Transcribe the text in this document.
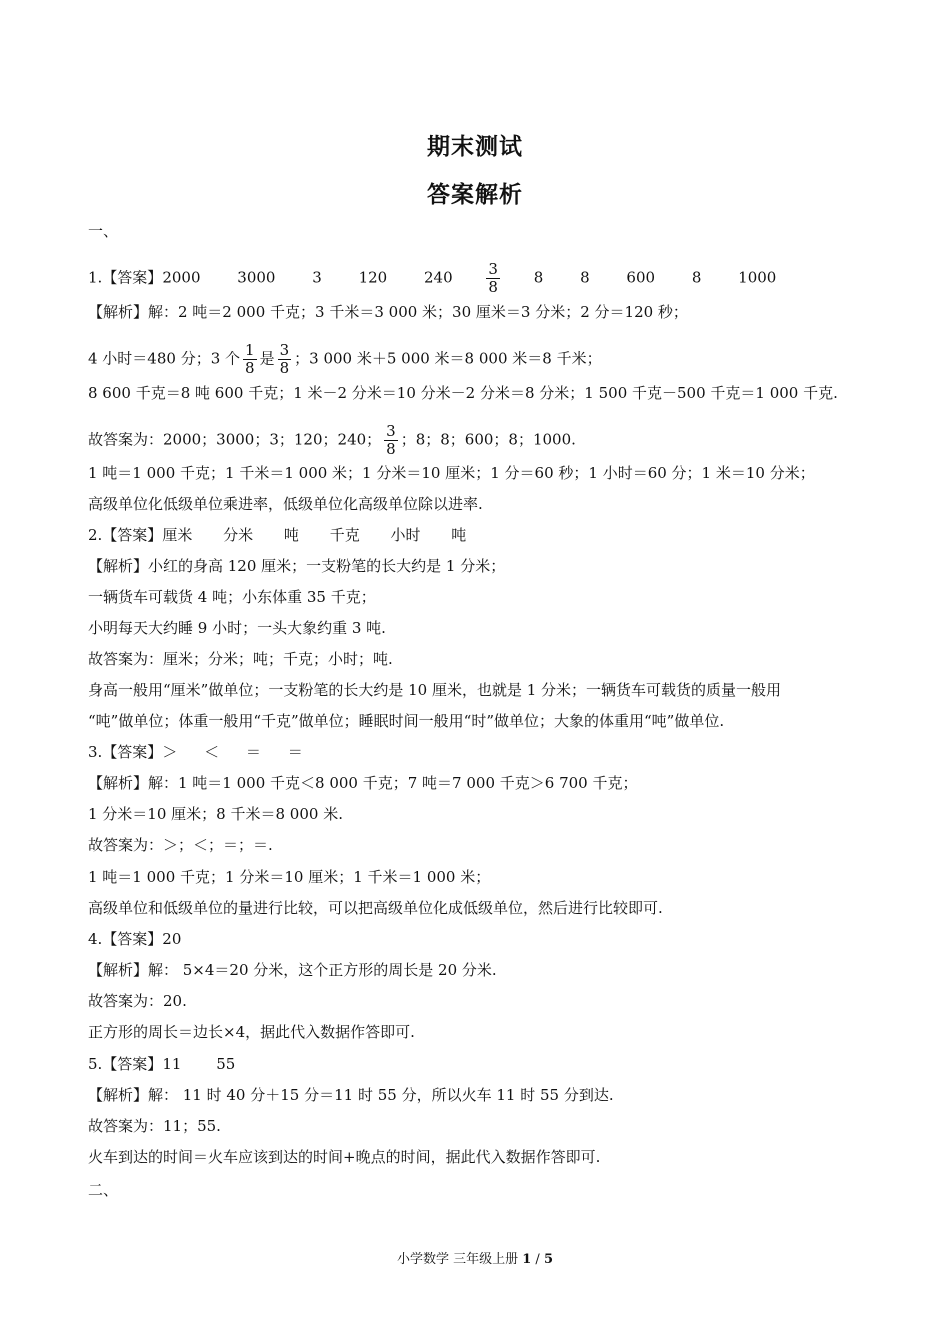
期末测试
答案解析
一、
1.【答案】2000 3000 3 120 $240 \frac{3}{8} 8$ 8 600 8 1000
【解析】解：2 吨＝2 000 千克；3 千米＝3 000 米；30 厘米＝3 分米；2 分＝120 秒；
4 小时＝480 分；3 个 $\frac{1}{8}$ 是 $\frac{3}{8}$ ；3 000 米＋5 000 米＝8 000 米＝8 千米；
8 600 千克＝8 吨 600 千克；1 米－2 分米＝10 分米－2 分米＝8 分米；1 500 千克－500 千克＝1 000 千克.
故答案为：2000；3000；3；120；240； $\frac{3}{8}$ ；8；8；600；8；1000.
1 吨＝1 000 千克；1 千米＝1 000 米；1 分米＝10 厘米；1 分＝60 秒；1 小时＝60 分；1 米＝10 分米；
高级单位化低级单位乘进率，低级单位化高级单位除以进率.
2.【答案】厘米 分米 吨 千克 小时 吨
【解析】小红的身高 120 厘米；一支粉笔的长大约是 1 分米；
一辆货车可载货 4 吨；小东体重 35 千克；
小明每天大约睡 9 小时；一头大象约重 3 吨.
故答案为：厘米；分米；吨；千克；小时；吨.
身高一般用“厘米”做单位；一支粉笔的长大约是 10 厘米，也就是 1 分米；一辆货车可载货的质量一般用
“吨”做单位；体重一般用“千克”做单位；睡眠时间一般用“时”做单位；大象的体重用“吨”做单位.
3.【答案】＞ ＜ ＝ ＝
【解析】解：1 吨＝1 000 千克＜8 000 千克；7 吨＝7 000 千克＞6 700 千克；
1 分米＝10 厘米；8 千米＝8 000 米.
故答案为：＞；＜；＝；＝.
1 吨＝1 000 千克；1 分米＝10 厘米；1 千米＝1 000 米；
高级单位和低级单位的量进行比较，可以把高级单位化成低级单位，然后进行比较即可.
4.【答案】20
【解析】解： 5×4＝20 分米，这个正方形的周长是 20 分米.
故答案为：20.
正方形的周长＝边长×4，据此代入数据作答即可.
5.【答案】11 55
【解析】解： 11 时 40 分＋15 分＝11 时 55 分，所以火车 11 时 55 分到达.
故答案为：11；55.
火车到达的时间＝火车应该到达的时间+晚点的时间，据此代入数据作答即可.
二、
小学数学 三年级上册 1 / 5
